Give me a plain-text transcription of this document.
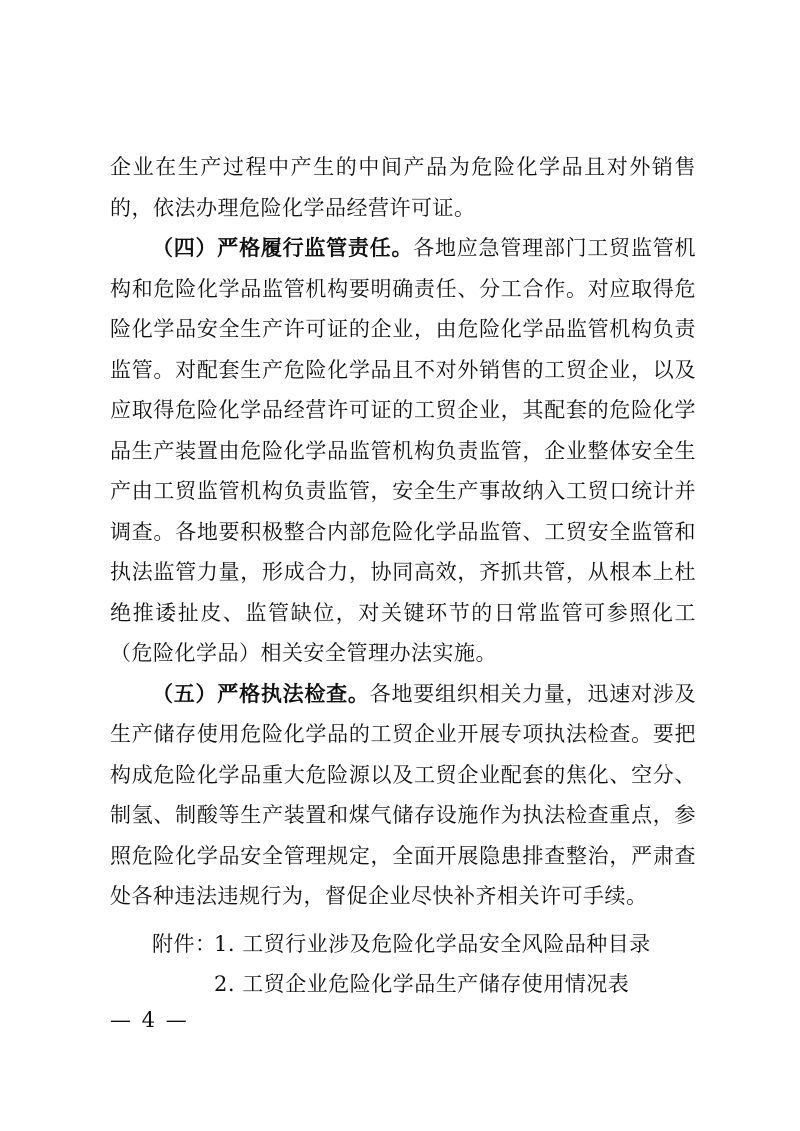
企业在生产过程中产生的中间产品为危险化学品且对外销售的，依法办理危险化学品经营许可证。

（四）严格履行监管责任。各地应急管理部门工贸监管机构和危险化学品监管机构要明确责任、分工合作。对应取得危险化学品安全生产许可证的企业，由危险化学品监管机构负责监管。对配套生产危险化学品且不对外销售的工贸企业，以及应取得危险化学品经营许可证的工贸企业，其配套的危险化学品生产装置由危险化学品监管机构负责监管，企业整体安全生产由工贸监管机构负责监管，安全生产事故纳入工贸口统计并调查。各地要积极整合内部危险化学品监管、工贸安全监管和执法监管力量，形成合力，协同高效，齐抓共管，从根本上杜绝推诿扯皮、监管缺位，对关键环节的日常监管可参照化工（危险化学品）相关安全管理办法实施。

（五）严格执法检查。各地要组织相关力量，迅速对涉及生产储存使用危险化学品的工贸企业开展专项执法检查。要把构成危险化学品重大危险源以及工贸企业配套的焦化、空分、制氢、制酸等生产装置和煤气储存设施作为执法检查重点，参照危险化学品安全管理规定，全面开展隐患排查整治，严肃查处各种违法违规行为，督促企业尽快补齐相关许可手续。

附件：1. 工贸行业涉及危险化学品安全风险品种目录
2. 工贸企业危险化学品生产储存使用情况表
— 4 —
